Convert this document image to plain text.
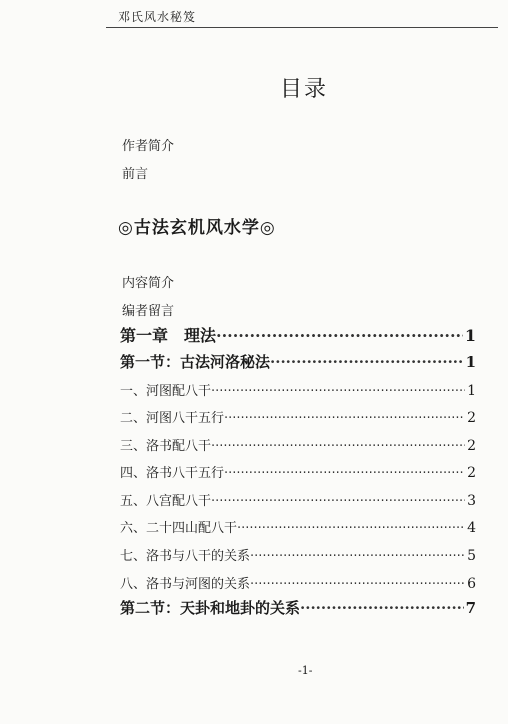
邓氏风水秘笈
目录
作者简介
前言
◎古法玄机风水学◎
内容简介
编者留言
第一章　理法 ·····	1
第一节：古法河洛秘法 ·····	1
一、河图配八干 ·····	1
二、河图八干五行 ·····	2
三、洛书配八干 ·····	2
四、洛书八干五行 ·····	2
五、八宫配八干 ·····	3
六、二十四山配八干 ·····	4
七、洛书与八干的关系 ·····	5
八、洛书与河图的关系 ·····	6
第二节：天卦和地卦的关系 ·····	7
-1-
